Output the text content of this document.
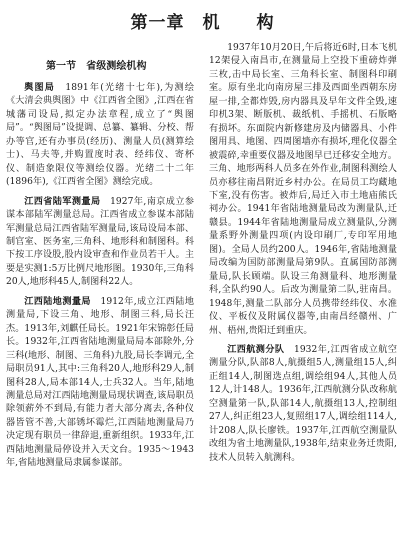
第一章　机　　构

第一节　省级测绘机构

舆图局　1891年(光绪十七年),为测绘《大清会典舆图》中《江西省全图》,江西在省城藩司设局,拟定办法章程,成立了“舆图局”。“舆图局”设提调、总纂、纂辑、分校、帮办等官,还有办事员(经历)、测量人员(测算绘士)、马夫等,并购置度时表、经纬仪、寄杯仪、制造象限仪等测绘仪器。光绪二十二年(1896年),《江西省全图》测绘完成。

江西省陆军测量局　1927年,南京成立参谋本部陆军测量总局。江西省成立参谋本部陆军测量总局江西省陆军测量局,该局设局本部、制官室、医务室,三角科、地形科和制图科。科下按工序设股,股内设审查和作业员若干人。主要是实测1:5万比例尺地形图。1930年,三角科20人,地形科45人,制图科22人。

江西陆地测量局　1912年,成立江西陆地测量局,下设三角、地形、制图三科,局长汪杰。1913年,刘麒任局长。1921年宋锦彰任局长。1932年,江西省陆地测量局局本部除外,分三科(地形、制图、三角科)九股,局长李调元,全局职员91人,其中:三角科20人,地形科29人,制图科28人,局本部14人,士兵32人。当年,陆地测量总局对江西陆地测量局现状调查,该局职员除领薪外不到局,有能力者大部分离去,各种仪器皆管不善,大部锈坏霉烂,江西陆地测量局乃决定现有职员一律辞退,重新组织。1933年,江西陆地测量局停设并入天文台。1935～1943年,省陆地测量局隶属参谋部。

1937年10月20日,午后将近6时,日本飞机12架侵入南昌市,在测量局上空投下重磅炸弹三枚,击中局长室、三角科长室、制图科印刷室。原有坐北向南房屋三排及西面坐西朝东房屋一排,全都炸毁,房内器具及早年文件全毁,速印机3架、断版机、裁纸机、手摇机、石版略有损坏。东面院内新修建房及内储器具、小件图用具、地图、四周图墙亦有损坏,理化仪器全被震碎,幸重要仪器及地图早已迁移安全地方。三角、地形两科人员多在外作业,制图科测绘人员亦移往南昌附近乡村办公。在局员工均藏地下室,没有伤害。被炸后,局迁入市土地庙熊氏祠办公。1941年省陆地测量局改为测量队,迁赣县。1944年省陆地测量局成立测量队,分测量系野外测量四项(内设印刷厂,专印军用地图)。全局人员约200人。1946年,省陆地测量局改编为国防部测量局第9队。直属国防部测量局,队长顾端。队设三角测量科、地形测量科,全队约90人。后改为测量第二队,驻南昌。1948年,测量二队部分人员携带经纬仪、水准仪、平板仪及附属仪器等,由南昌经赣州、广州、梧州,贵阳迁到重庆。

江西航测分队　1932年,江西省成立航空测量分队,队部8人,航摄组5人,测量组15人,纠正组14人,制图选点组,调绘组94人,其他人员12人,计148人。1936年,江西航测分队改称航空测量第一队,队部14人,航摄组13人,控制组27人,纠正组23人,复照组17人,调绘组114人,计208人,队长廖铁。1937年,江西航空测量队改组为省土地测量队,1938年,结束业务迁贵阳,技术人员转入航测科。
